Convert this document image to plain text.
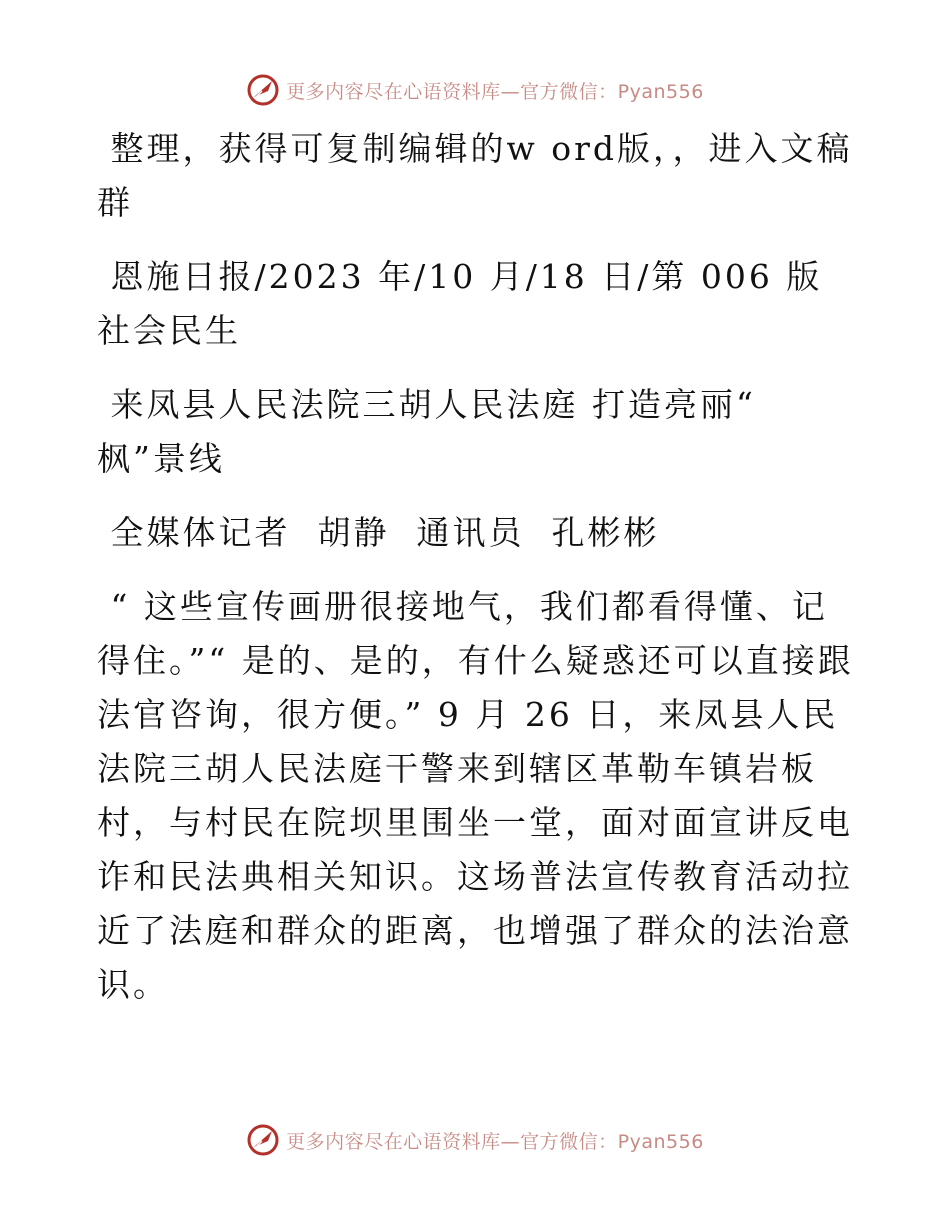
更多内容尽在心语资料库—官方微信：Pyan556

整理，获得可复制编辑的w ord版，，进入文稿群

恩施日报/2023 年/10 月/18 日/第 006 版社会民生

来凤县人民法院三胡人民法庭 打造亮丽“ 枫”景线

全媒体记者  胡静  通讯员  孔彬彬

“ 这些宣传画册很接地气，我们都看得懂、记得住。”“ 是的、是的，有什么疑惑还可以直接跟法官咨询，很方便。” 9 月 26 日，来凤县人民法院三胡人民法庭干警来到辖区革勒车镇岩板村，与村民在院坝里围坐一堂，面对面宣讲反电诈和民法典相关知识。这场普法宣传教育活动拉近了法庭和群众的距离，也增强了群众的法治意识。

更多内容尽在心语资料库—官方微信：Pyan556
